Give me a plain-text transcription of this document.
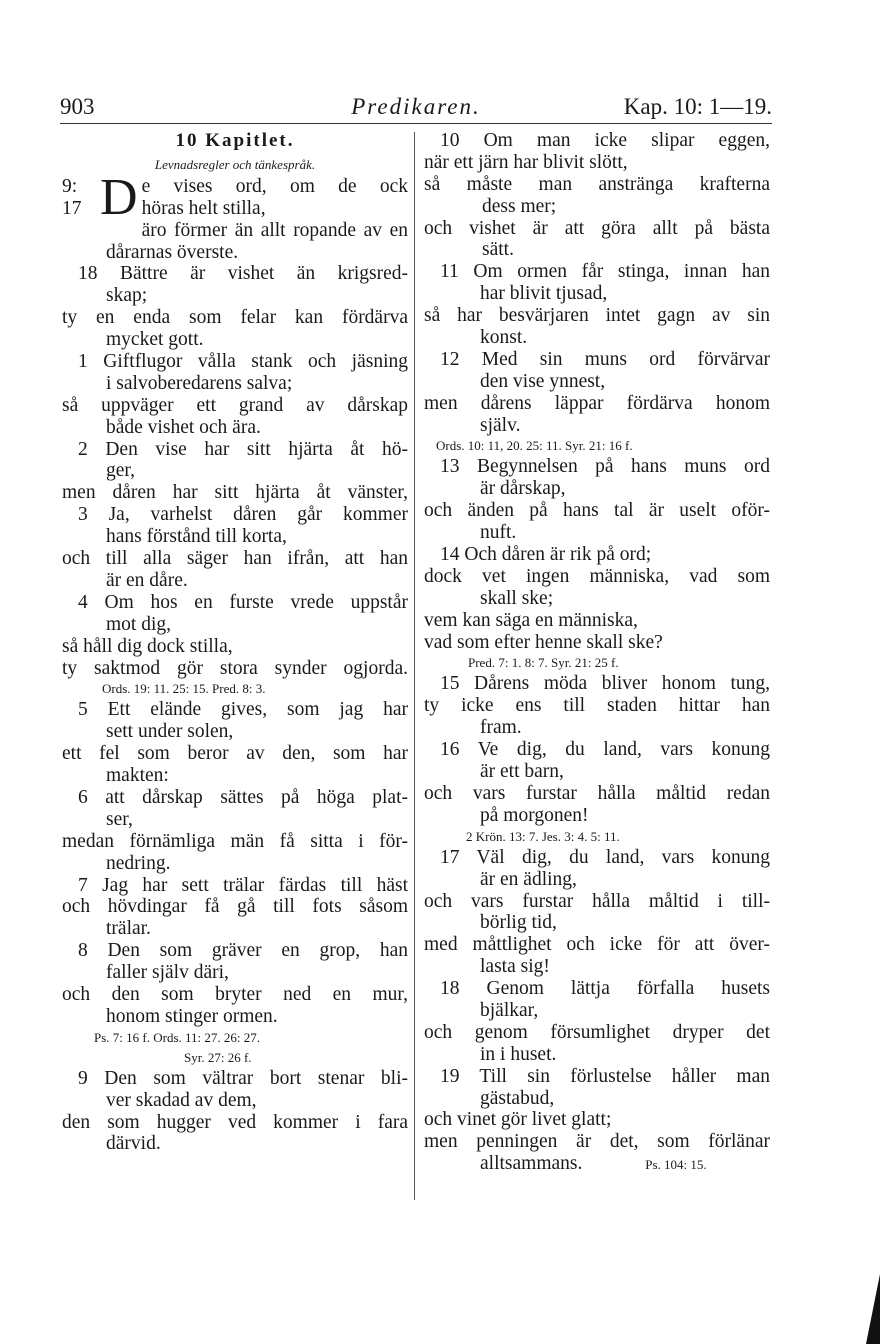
903	Predikaren.	Kap. 10: 1—19.
10 Kapitlet.
Levnadsregler och tänkespråk.
9: 17 D e vises ord, om de ock
höras helt stilla,
äro förmer än allt ropande av en
dårarnas överste.
18 Bättre är vishet än krigsred-
skap;
ty en enda som felar kan fördärva
mycket gott.
1 Giftflugor vålla stank och jäsning
i salvoberedarens salva;
så uppväger ett grand av dårskap
både vishet och ära.
2 Den vise har sitt hjärta åt hö-
ger,
men dåren har sitt hjärta åt vänster,
3 Ja, varhelst dåren går kommer
hans förstånd till korta,
och till alla säger han ifrån, att han
är en dåre.
4 Om hos en furste vrede uppstår
mot dig,
så håll dig dock stilla,
ty saktmod gör stora synder ogjorda.
Ords. 19: 11. 25: 15. Pred. 8: 3.
5 Ett elände gives, som jag har
sett under solen,
ett fel som beror av den, som har
makten:
6 att dårskap sättes på höga plat-
ser,
medan förnämliga män få sitta i för-
nedring.
7 Jag har sett trälar färdas till häst
och hövdingar få gå till fots såsom
trälar.
8 Den som gräver en grop, han
faller själv däri,
och den som bryter ned en mur,
honom stinger ormen.
Ps. 7: 16 f. Ords. 11: 27. 26: 27.
Syr. 27: 26 f.
9 Den som vältrar bort stenar bli-
ver skadad av dem,
den som hugger ved kommer i fara
därvid.
10 Om man icke slipar eggen,
när ett järn har blivit slött,
så måste man anstränga krafterna
dess mer;
och vishet är att göra allt på bästa
sätt.
11 Om ormen får stinga, innan han
har blivit tjusad,
så har besvärjaren intet gagn av sin
konst.
12 Med sin muns ord förvärvar
den vise ynnest,
men dårens läppar fördärva honom
själv.
Ords. 10: 11, 20. 25: 11. Syr. 21: 16 f.
13 Begynnelsen på hans muns ord
är dårskap,
och änden på hans tal är uselt oför-
nuft.
14 Och dåren är rik på ord;
dock vet ingen människa, vad som
skall ske;
vem kan säga en människa,
vad som efter henne skall ske?
Pred. 7: 1. 8: 7. Syr. 21: 25 f.
15 Dårens möda bliver honom tung,
ty icke ens till staden hittar han
fram.
16 Ve dig, du land, vars konung
är ett barn,
och vars furstar hålla måltid redan
på morgonen!
2 Krön. 13: 7. Jes. 3: 4. 5: 11.
17 Väl dig, du land, vars konung
är en ädling,
och vars furstar hålla måltid i till-
börlig tid,
med måttlighet och icke för att över-
lasta sig!
18 Genom lättja förfalla husets
bjälkar,
och genom försumlighet dryper det
in i huset.
19 Till sin förlustelse håller man
gästabud,
och vinet gör livet glatt;
men penningen är det, som förlänar
alltsammans.	Ps. 104: 15.
